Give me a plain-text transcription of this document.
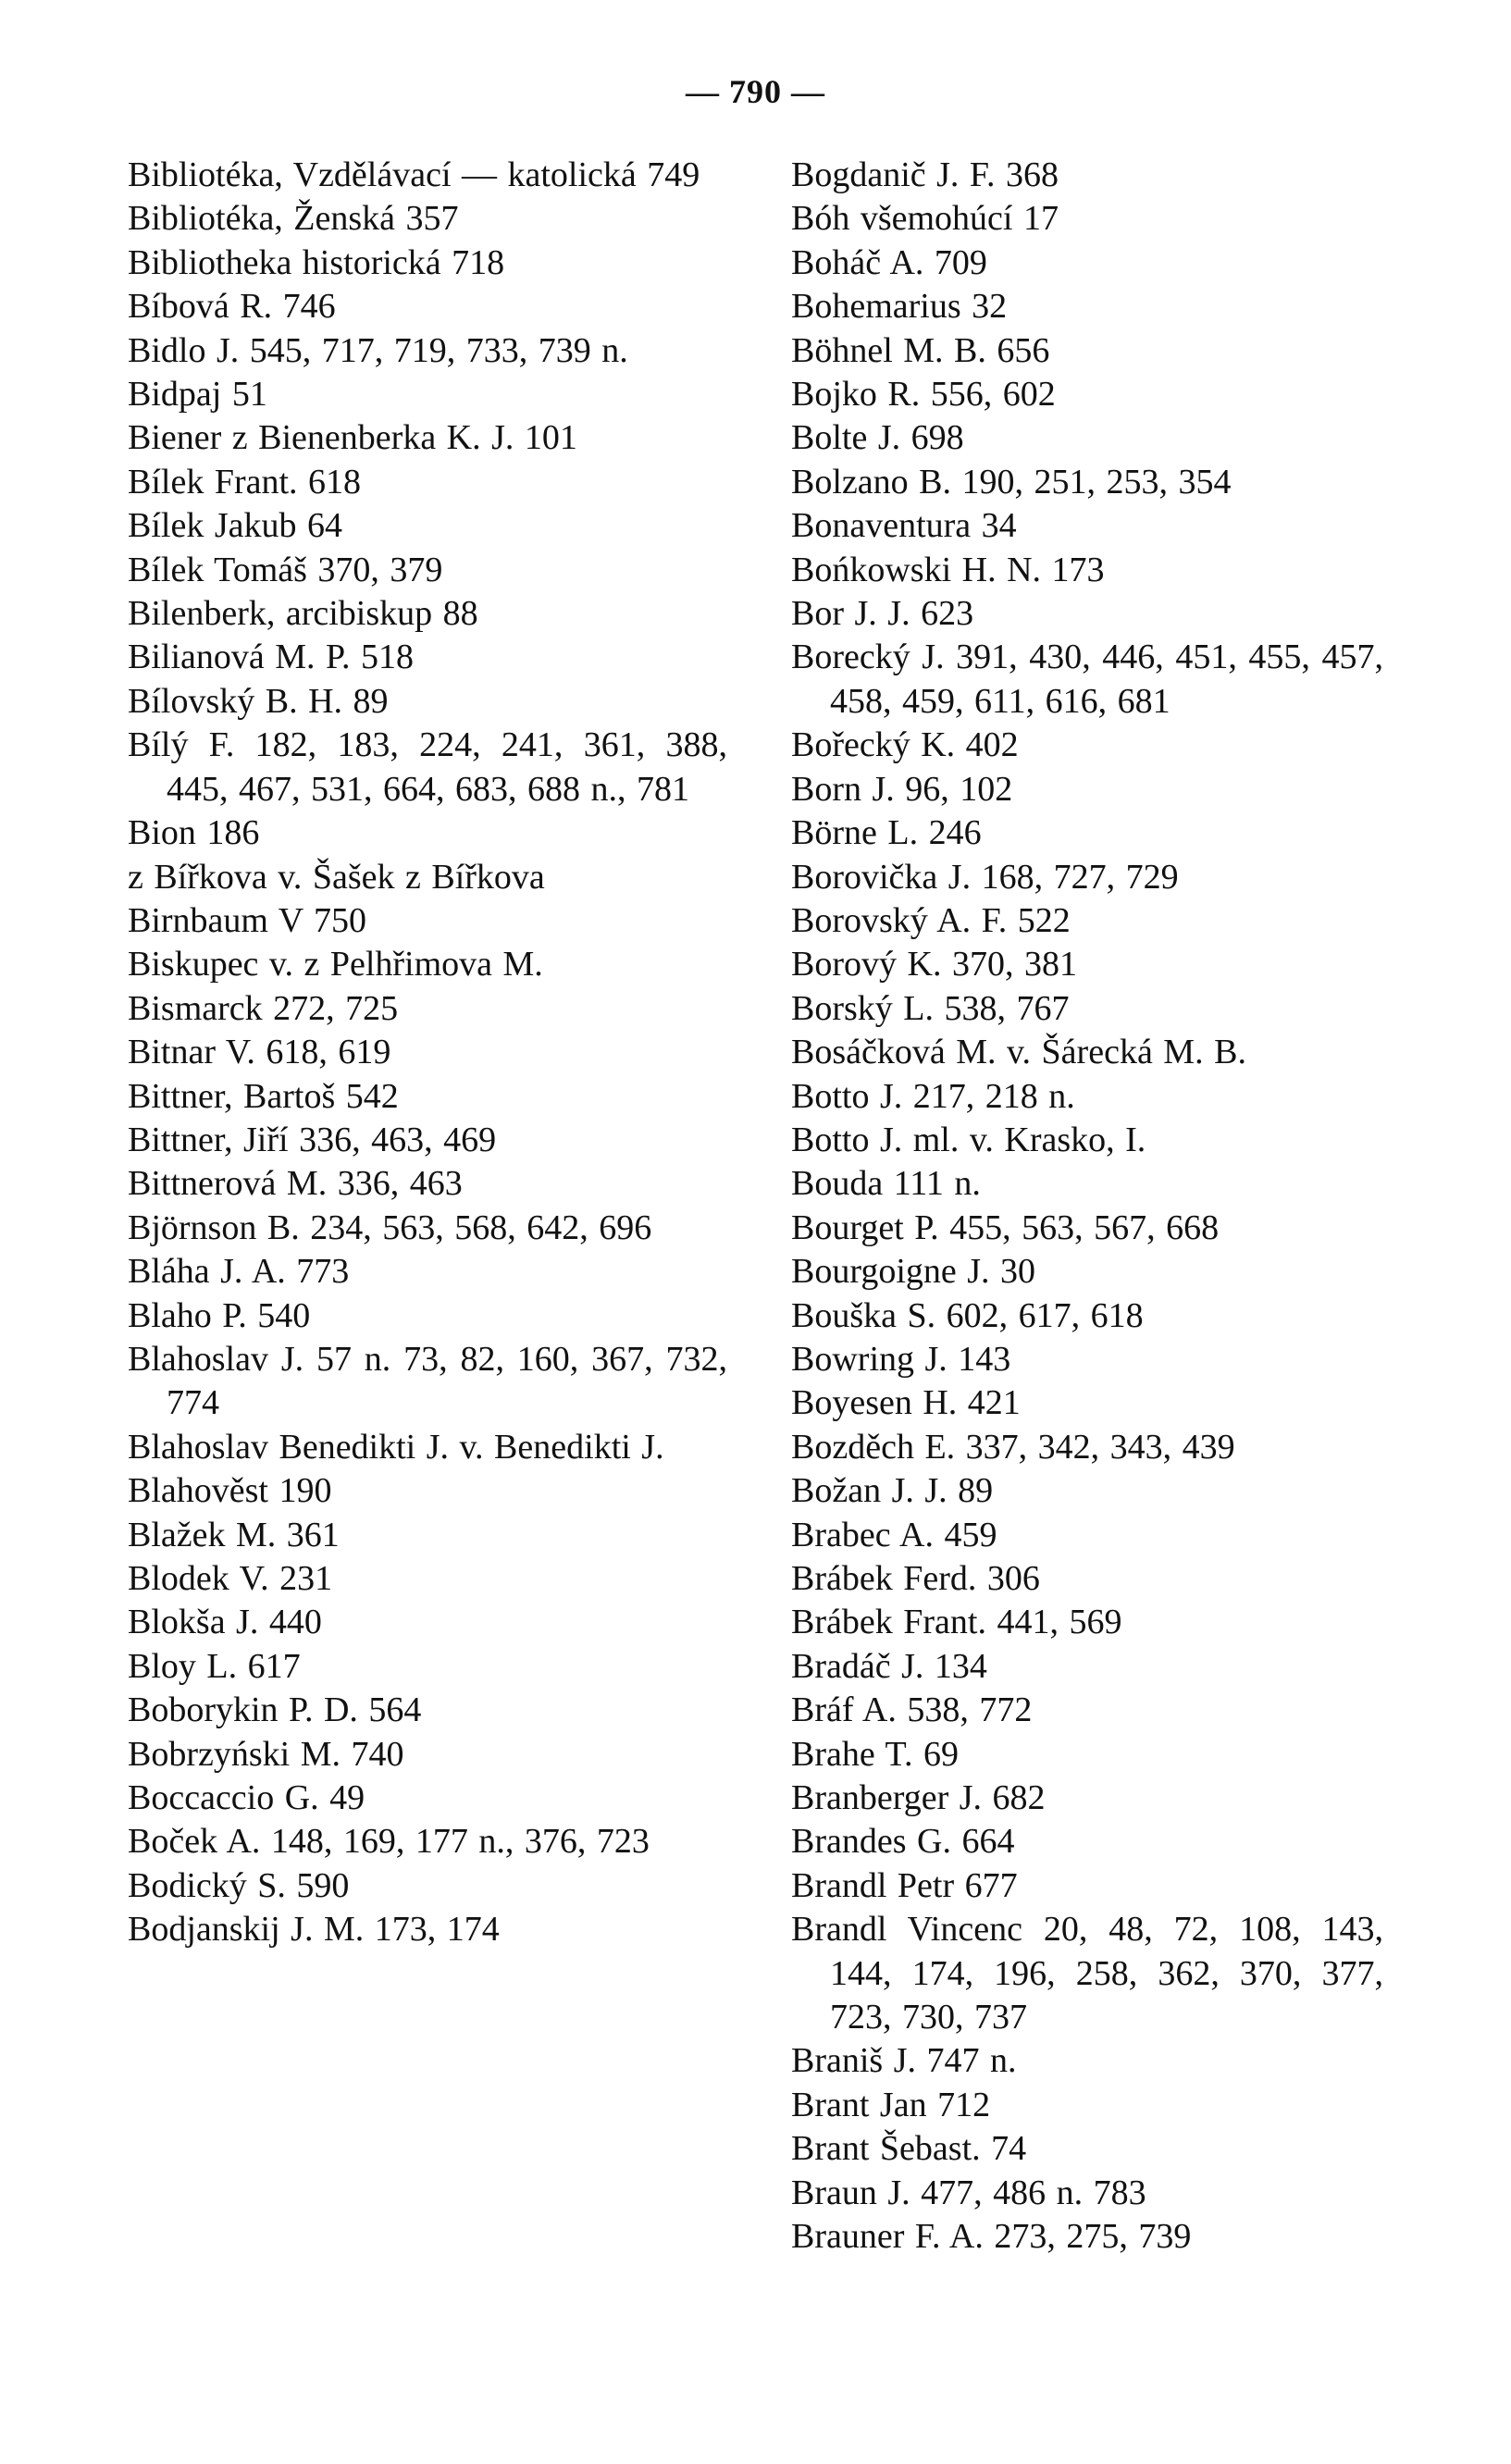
— 790 —
Bibliotéka, Vzdělávací — katolická 749
Bibliotéka, Ženská 357
Bibliotheka historická 718
Bíbová R. 746
Bidlo J. 545, 717, 719, 733, 739 n.
Bidpaj 51
Biener z Bienenberka K. J. 101
Bílek Frant. 618
Bílek Jakub 64
Bílek Tomáš 370, 379
Bilenberk, arcibiskup 88
Bilianová M. P. 518
Bílovský B. H. 89
Bílý F. 182, 183, 224, 241, 361, 388, 445, 467, 531, 664, 683, 688 n., 781
Bion 186
z Bířkova v. Šašek z Bířkova
Birnbaum V 750
Biskupec v. z Pelhřimova M.
Bismarck 272, 725
Bitnar V. 618, 619
Bittner, Bartoš 542
Bittner, Jiří 336, 463, 469
Bittnerová M. 336, 463
Björnson B. 234, 563, 568, 642, 696
Bláha J. A. 773
Blaho P. 540
Blahoslav J. 57 n. 73, 82, 160, 367, 732, 774
Blahoslav Benedikti J. v. Benedikti J.
Blahověst 190
Blažek M. 361
Blodek V. 231
Blokša J. 440
Bloy L. 617
Boborykin P. D. 564
Bobrzyński M. 740
Boccaccio G. 49
Boček A. 148, 169, 177 n., 376, 723
Bodický S. 590
Bodjanskij J. M. 173, 174
Bogdanič J. F. 368
Bóh všemohúcí 17
Boháč A. 709
Bohemarius 32
Böhnel M. B. 656
Bojko R. 556, 602
Bolte J. 698
Bolzano B. 190, 251, 253, 354
Bonaventura 34
Bońkowski H. N. 173
Bor J. J. 623
Borecký J. 391, 430, 446, 451, 455, 457, 458, 459, 611, 616, 681
Bořecký K. 402
Born J. 96, 102
Börne L. 246
Borovička J. 168, 727, 729
Borovský A. F. 522
Borový K. 370, 381
Borský L. 538, 767
Bosáčková M. v. Šárecká M. B.
Botto J. 217, 218 n.
Botto J. ml. v. Krasko, I.
Bouda 111 n.
Bourget P. 455, 563, 567, 668
Bourgoigne J. 30
Bouška S. 602, 617, 618
Bowring J. 143
Boyesen H. 421
Bozděch E. 337, 342, 343, 439
Božan J. J. 89
Brabec A. 459
Brábek Ferd. 306
Brábek Frant. 441, 569
Bradáč J. 134
Bráf A. 538, 772
Brahe T. 69
Branberger J. 682
Brandes G. 664
Brandl Petr 677
Brandl Vincenc 20, 48, 72, 108, 143, 144, 174, 196, 258, 362, 370, 377, 723, 730, 737
Braniš J. 747 n.
Brant Jan 712
Brant Šebast. 74
Braun J. 477, 486 n. 783
Brauner F. A. 273, 275, 739
